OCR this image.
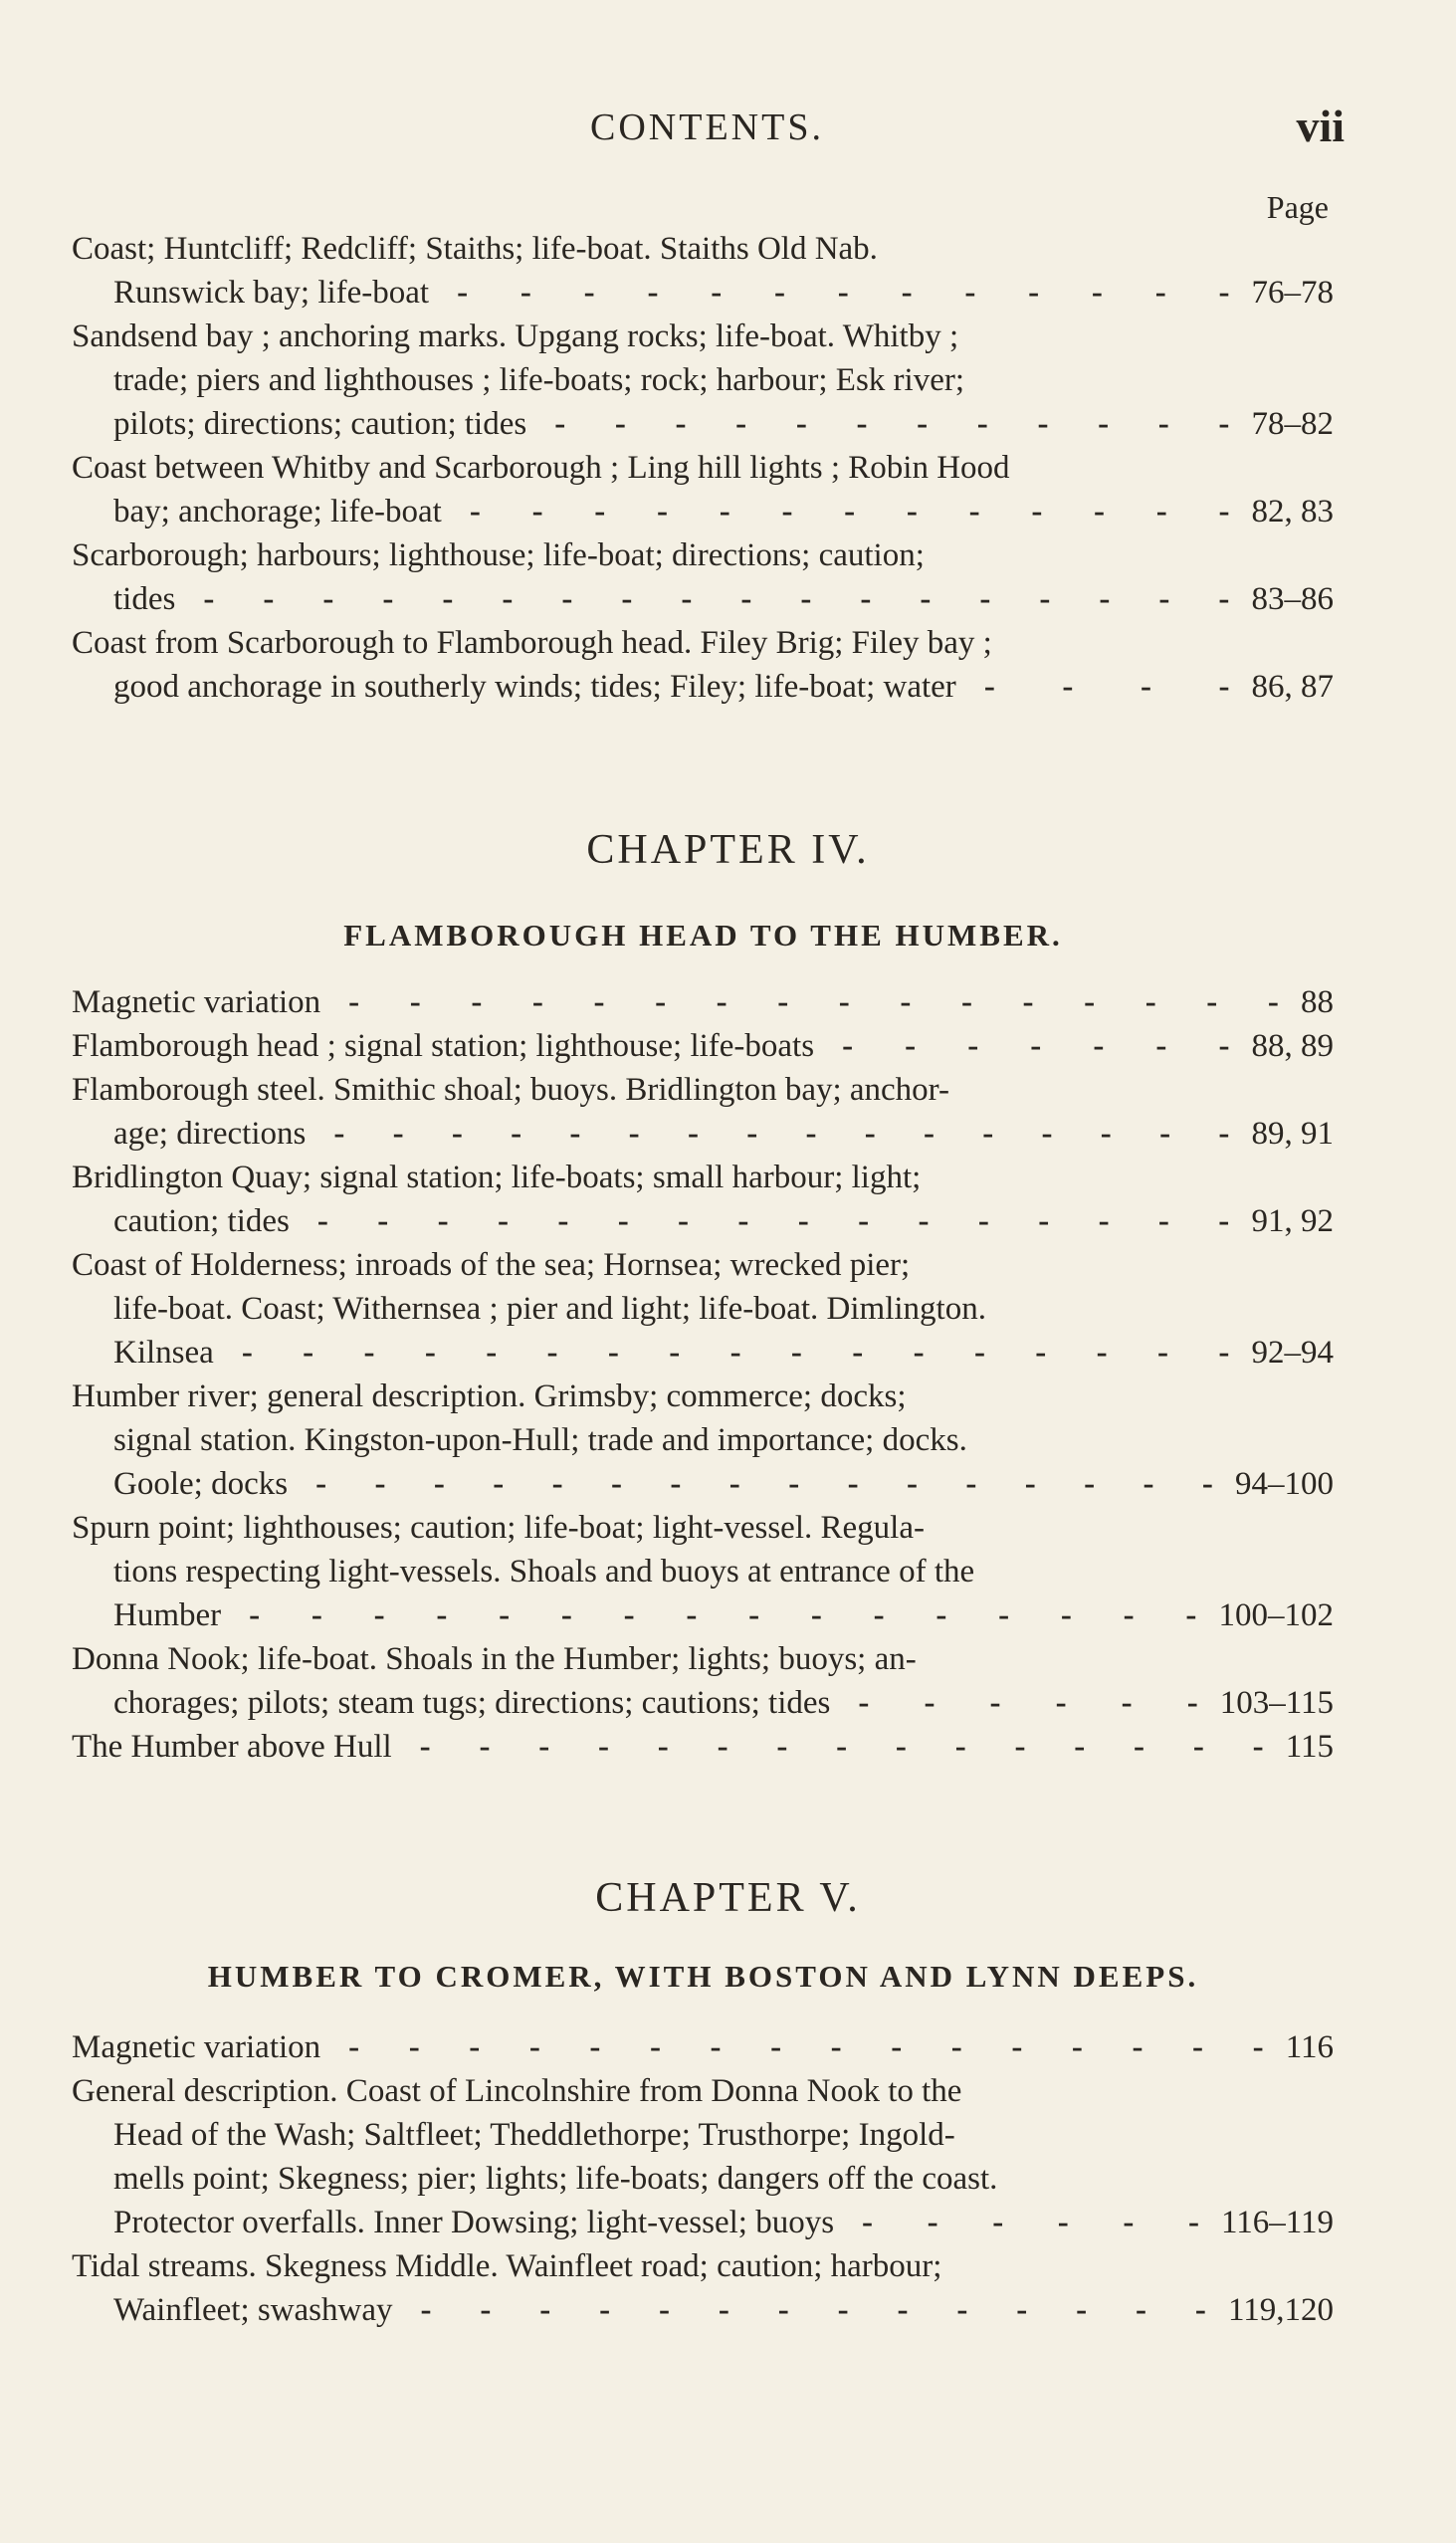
CONTENTS.	vii
Page
Coast; Huntcliff; Redcliff; Staiths; life-boat. Staiths Old Nab.
Runswick bay; life-boat - - - - - - - - - - - - - 76–78
Sandsend bay ; anchoring marks. Upgang rocks; life-boat. Whitby ;
trade; piers and lighthouses ; life-boats; rock; harbour; Esk river;
pilots; directions; caution; tides - - - - - - - - - - - - 78–82
Coast between Whitby and Scarborough ; Ling hill lights ; Robin Hood
bay; anchorage; life-boat - - - - - - - - - - - - - 82, 83
Scarborough; harbours; lighthouse; life-boat; directions; caution;
tides - - - - - - - - - - - - - - - - - - 83–86
Coast from Scarborough to Flamborough head. Filey Brig; Filey bay ;
good anchorage in southerly winds; tides; Filey; life-boat; water - - - - 86, 87
CHAPTER IV.
FLAMBOROUGH HEAD TO THE HUMBER.
Magnetic variation - - - - - - - - - - - - - - - - 88
Flamborough head ; signal station; lighthouse; life-boats - - - - - - - 88, 89
Flamborough steel. Smithic shoal; buoys. Bridlington bay; anchor-
age; directions - - - - - - - - - - - - - - - - 89, 91
Bridlington Quay; signal station; life-boats; small harbour; light;
caution; tides - - - - - - - - - - - - - - - - 91, 92
Coast of Holderness; inroads of the sea; Hornsea; wrecked pier;
life-boat. Coast; Withernsea ; pier and light; life-boat. Dimlington.
Kilnsea - - - - - - - - - - - - - - - - - 92–94
Humber river; general description. Grimsby; commerce; docks;
signal station. Kingston-upon-Hull; trade and importance; docks.
Goole; docks - - - - - - - - - - - - - - - - 94–100
Spurn point; lighthouses; caution; life-boat; light-vessel. Regula-
tions respecting light-vessels. Shoals and buoys at entrance of the
Humber - - - - - - - - - - - - - - - - 100–102
Donna Nook; life-boat. Shoals in the Humber; lights; buoys; an-
chorages; pilots; steam tugs; directions; cautions; tides - - - - - - 103–115
The Humber above Hull - - - - - - - - - - - - - - - 115
CHAPTER V.
HUMBER TO CROMER, WITH BOSTON AND LYNN DEEPS.
Magnetic variation - - - - - - - - - - - - - - - - 116
General description. Coast of Lincolnshire from Donna Nook to the
Head of the Wash; Saltfleet; Theddlethorpe; Trusthorpe; Ingold-
mells point; Skegness; pier; lights; life-boats; dangers off the coast.
Protector overfalls. Inner Dowsing; light-vessel; buoys - - - - - - 116–119
Tidal streams. Skegness Middle. Wainfleet road; caution; harbour;
Wainfleet; swashway - - - - - - - - - - - - - - 119,120
